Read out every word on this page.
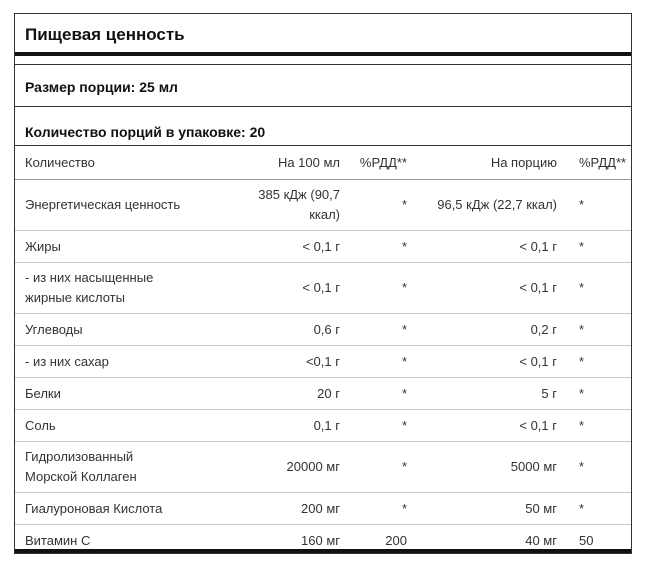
Пищевая ценность
Размер порции: 25 мл
Количество порций в упаковке: 20
Количество	На 100 мл	%РДД**	На порцию	%РДД**
Энергетическая ценность	385 кДж (90,7 ккал)	*	96,5 кДж (22,7 ккал)	*
Жиры	< 0,1 г	*	< 0,1 г	*

- из них насыщенные жирные кислоты	< 0,1 г	*	< 0,1 г	*
Углеводы	0,6 г	*	0,2 г	*
- из них сахар	<0,1 г	*	< 0,1 г	*
Белки	20 г	*	5 г	*
Соль	0,1 г	*	< 0,1 г	*

Гидролизованный Морской Коллаген	20000 мг	*	5000 мг	*
Гиалуроновая Кислота	200 мг	*	50 мг	*
Витамин C	160 мг	200	40 мг	50
